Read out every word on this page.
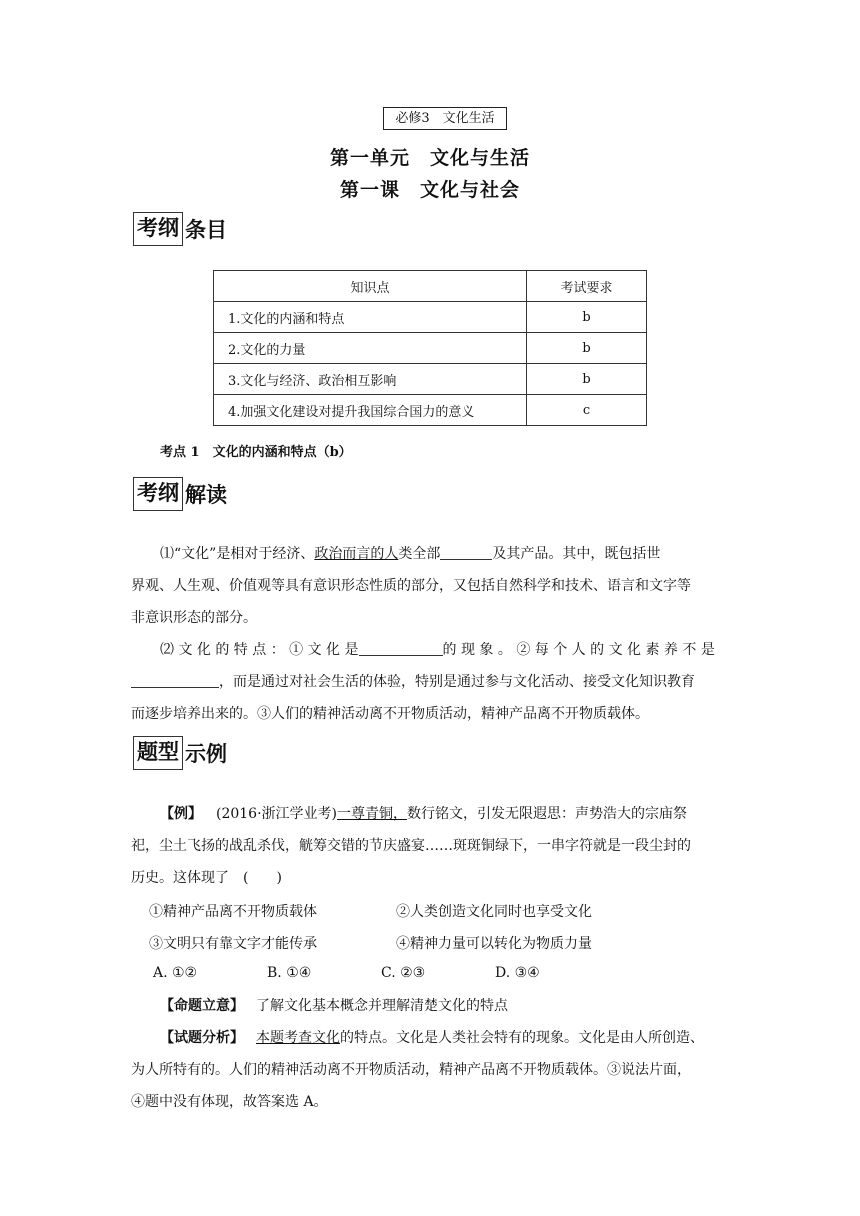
必修3　文化生活
第一单元　文化与生活
第一课　文化与社会
考纲 条目
知识点	考试要求
1.文化的内涵和特点	b
2.文化的力量	b
3.文化与经济、政治相互影响	b
4.加强文化建设对提升我国综合国力的意义	c
考点 1　文化的内涵和特点（b）
考纲 解读
⑴“文化”是相对于经济、政治而言的人类全部	及其产品。其中，既包括世
界观、人生观、价值观等具有意识形态性质的部分，又包括自然科学和技术、语言和文字等
非意识形态的部分。
⑵ 文 化 的 特 点 ： ① 文 化 是	的 现 象 。 ② 每 个 人 的 文 化 素 养 不 是
，而是通过对社会生活的体验，特别是通过参与文化活动、接受文化知识教育
而逐步培养出来的。③人们的精神活动离不开物质活动，精神产品离不开物质载体。
题型 示例
【例】 (2016·浙江学业考)一尊青铜，数行铭文，引发无限遐思：声势浩大的宗庙祭
祀，尘土飞扬的战乱杀伐，觥筹交错的节庆盛宴……斑斑铜绿下，一串字符就是一段尘封的
历史。这体现了　(　　)
①精神产品离不开物质载体	②人类创造文化同时也享受文化
③文明只有靠文字才能传承	④精神力量可以转化为物质力量
A. ①②	B. ①④	C. ②③	D. ③④
【命题立意】 了解文化基本概念并理解清楚文化的特点
【试题分析】 本题考查文化的特点。文化是人类社会特有的现象。文化是由人所创造、
为人所特有的。人们的精神活动离不开物质活动，精神产品离不开物质载体。③说法片面，
④题中没有体现，故答案选 A。
